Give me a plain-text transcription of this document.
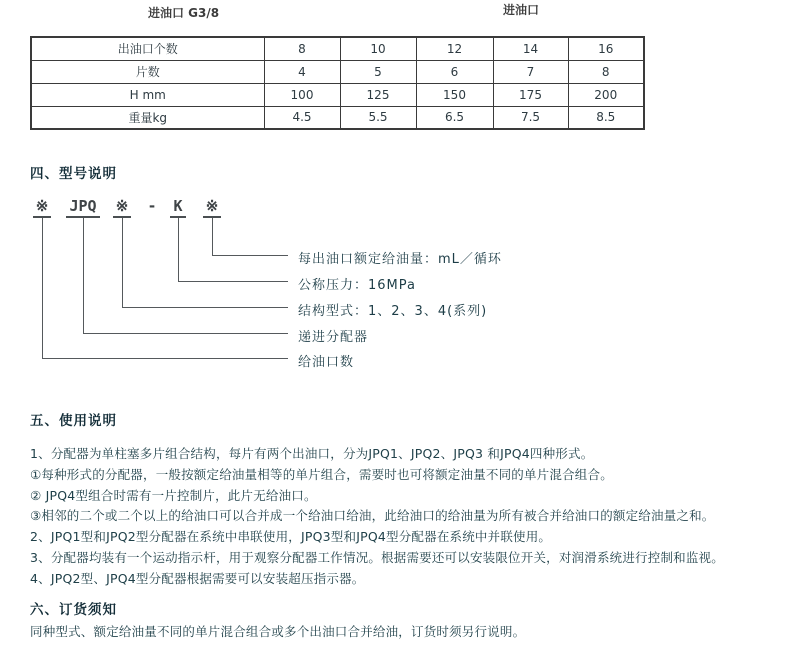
进油口 G3/8	进油口
出油口个数	8	10	12	14	16
片数	4	5	6	7	8
H mm	100	125	150	175	200
重量kg	4.5	5.5	6.5	7.5	8.5
四、型号说明
※ JPQ ※ - K ※
每出油口额定给油量：mL／循环
公称压力：16MPa
结构型式：1、2、3、4(系列)
递进分配器
给油口数
五、使用说明
1、分配器为单柱塞多片组合结构，每片有两个出油口，分为JPQ1、JPQ2、JPQ3 和JPQ4四种形式。
①每种形式的分配器，一般按额定给油量相等的单片组合，需要时也可将额定油量不同的单片混合组合。
② JPQ4型组合时需有一片控制片，此片无给油口。
③相邻的二个或二个以上的给油口可以合并成一个给油口给油，此给油口的给油量为所有被合并给油口的额定给油量之和。
2、JPQ1型和JPQ2型分配器在系统中串联使用，JPQ3型和JPQ4型分配器在系统中并联使用。
3、分配器均装有一个运动指示杆，用于观察分配器工作情况。根据需要还可以安装限位开关，对润滑系统进行控制和监视。
4、JPQ2型、JPQ4型分配器根据需要可以安装超压指示器。
六、订货须知
同种型式、额定给油量不同的单片混合组合或多个出油口合并给油，订货时须另行说明。
